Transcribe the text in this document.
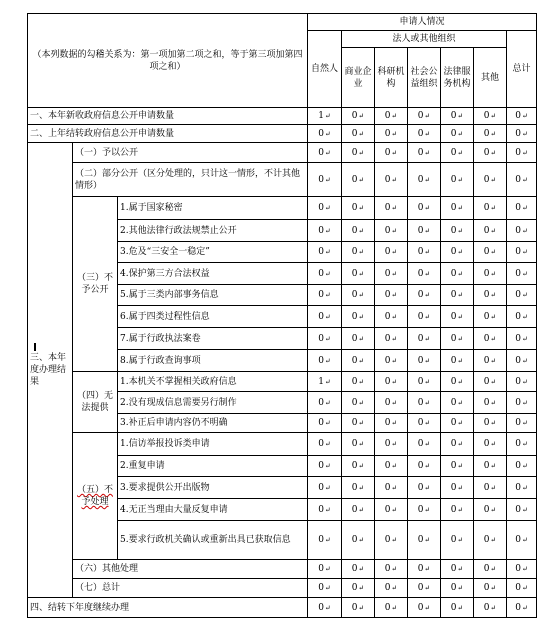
（本列数据的勾稽关系为：第一项加第二项之和，等于第三项加第四项之和）			申请人情况						
			自然人	法人或其他组织					总计
				商业企业	科研机构	社会公益组织	法律服务机构	其他	
一、本年新收政府信息公开申请数量			1 ↵	0 ↵	0 ↵	0 ↵	0 ↵	0 ↵	0 ↵
二、上年结转政府信息公开申请数量			0 ↵	0 ↵	0 ↵	0 ↵	0 ↵	0 ↵	0 ↵
三、本年度办理结果	（一）予以公开		0 ↵	0 ↵	0 ↵	0 ↵	0 ↵	0 ↵	0 ↵
	（二）部分公开（区分处理的，只计这一情形，不计其他情形）		0 ↵	0 ↵	0 ↵	0 ↵	0 ↵	0 ↵	0 ↵
	（三）不予公开	1.属于国家秘密	0 ↵	0 ↵	0 ↵	0 ↵	0 ↵	0 ↵	0 ↵
		2.其他法律行政法规禁止公开	0 ↵	0 ↵	0 ↵	0 ↵	0 ↵	0 ↵	0 ↵
		3.危及“三安全一稳定”	0 ↵	0 ↵	0 ↵	0 ↵	0 ↵	0 ↵	0 ↵
		4.保护第三方合法权益	0 ↵	0 ↵	0 ↵	0 ↵	0 ↵	0 ↵	0 ↵
		5.属于三类内部事务信息	0 ↵	0 ↵	0 ↵	0 ↵	0 ↵	0 ↵	0 ↵
		6.属于四类过程性信息	0 ↵	0 ↵	0 ↵	0 ↵	0 ↵	0 ↵	0 ↵
		7.属于行政执法案卷	0 ↵	0 ↵	0 ↵	0 ↵	0 ↵	0 ↵	0 ↵
		8.属于行政查询事项	0 ↵	0 ↵	0 ↵	0 ↵	0 ↵	0 ↵	0 ↵
	（四）无法提供	1.本机关不掌握相关政府信息	1 ↵	0 ↵	0 ↵	0 ↵	0 ↵	0 ↵	0 ↵
		2.没有现成信息需要另行制作	0 ↵	0 ↵	0 ↵	0 ↵	0 ↵	0 ↵	0 ↵
		3.补正后申请内容仍不明确	0 ↵	0 ↵	0 ↵	0 ↵	0 ↵	0 ↵	0 ↵
	（五）不予处理	1.信访举报投诉类申请	0 ↵	0 ↵	0 ↵	0 ↵	0 ↵	0 ↵	0 ↵
		2.重复申请	0 ↵	0 ↵	0 ↵	0 ↵	0 ↵	0 ↵	0 ↵
		3.要求提供公开出版物	0 ↵	0 ↵	0 ↵	0 ↵	0 ↵	0 ↵	0 ↵
		4.无正当理由大量反复申请	0 ↵	0 ↵	0 ↵	0 ↵	0 ↵	0 ↵	0 ↵
		5.要求行政机关确认或重新出具已获取信息	0 ↵	0 ↵	0 ↵	0 ↵	0 ↵	0 ↵	0 ↵
	（六）其他处理		0 ↵	0 ↵	0 ↵	0 ↵	0 ↵	0 ↵	0 ↵
	（七）总计		0 ↵	0 ↵	0 ↵	0 ↵	0 ↵	0 ↵	0 ↵
四、结转下年度继续办理			0 ↵	0 ↵	0 ↵	0 ↵	0 ↵	0 ↵	0 ↵
